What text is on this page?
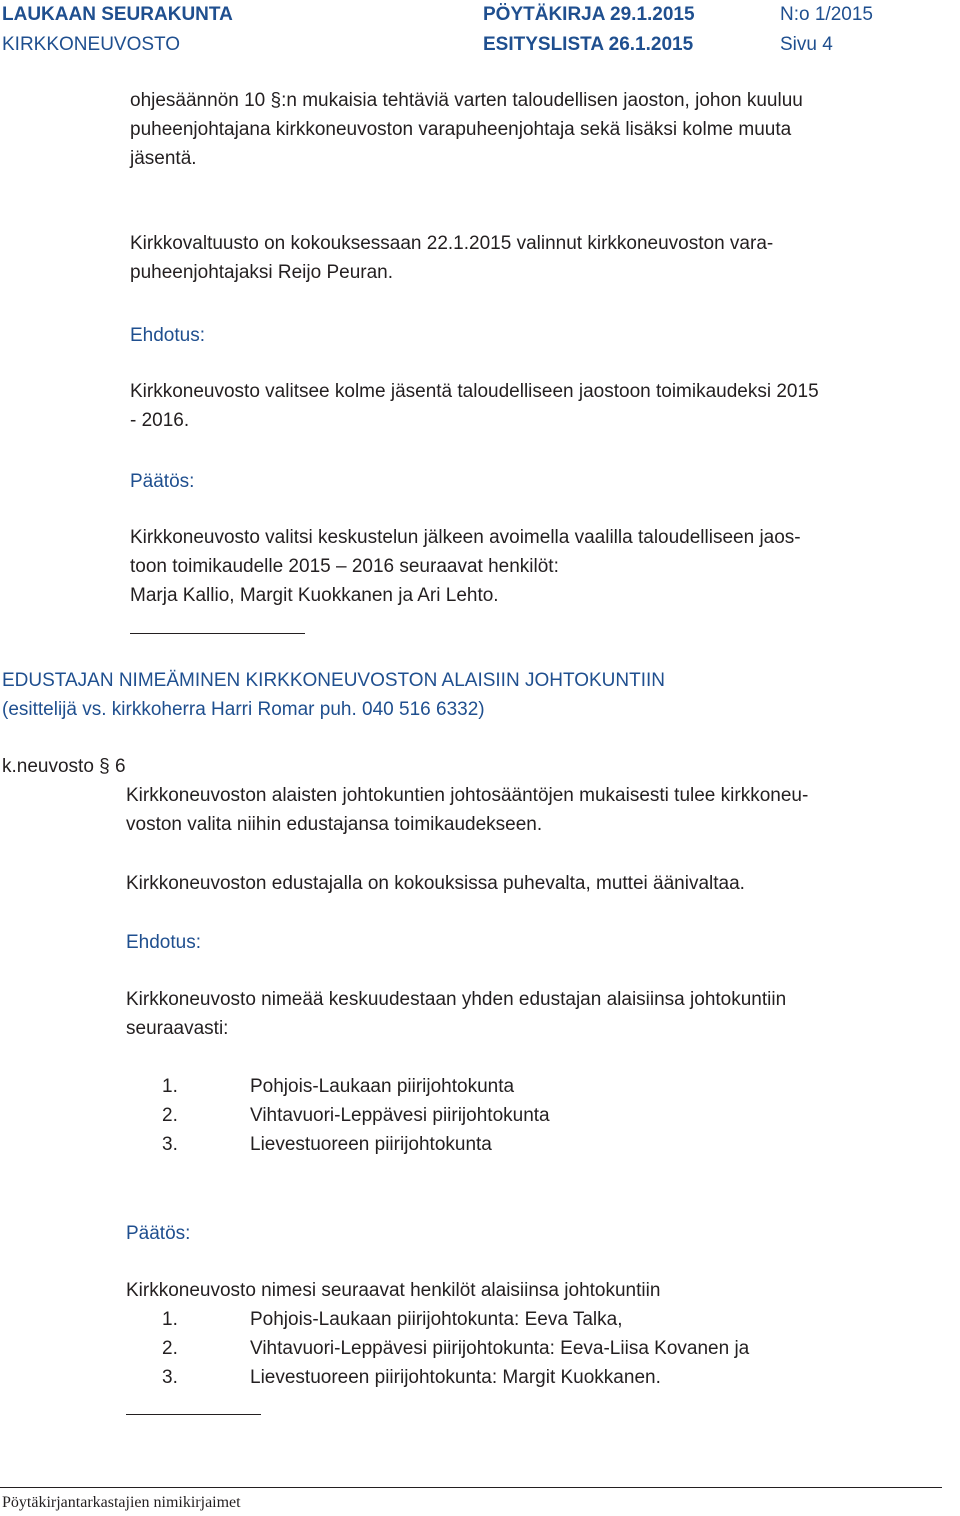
LAUKAAN SEURAKUNTA	PÖYTÄKIRJA 29.1.2015	N:o 1/2015
KIRKKONEUVOSTO	ESITYSLISTA 26.1.2015	Sivu 4
ohjesäännön 10 §:n mukaisia tehtäviä varten taloudellisen jaoston, johon kuuluu
puheenjohtajana kirkkoneuvoston varapuheenjohtaja sekä lisäksi kolme muuta
jäsentä.
Kirkkovaltuusto on kokouksessaan 22.1.2015 valinnut kirkkoneuvoston vara-
puheenjohtajaksi Reijo Peuran.
Ehdotus:
Kirkkoneuvosto valitsee kolme jäsentä taloudelliseen jaostoon toimikaudeksi 2015
- 2016.
Päätös:
Kirkkoneuvosto valitsi keskustelun jälkeen avoimella vaalilla taloudelliseen jaos-
toon toimikaudelle 2015 – 2016 seuraavat henkilöt:
Marja Kallio, Margit Kuokkanen ja Ari Lehto.
EDUSTAJAN NIMEÄMINEN KIRKKONEUVOSTON ALAISIIN JOHTOKUNTIIN
(esittelijä vs. kirkkoherra Harri Romar puh. 040 516 6332)
k.neuvosto § 6
Kirkkoneuvoston alaisten johtokuntien johtosääntöjen mukaisesti tulee kirkkoneu-
voston valita niihin edustajansa toimikaudekseen.
Kirkkoneuvoston edustajalla on kokouksissa puhevalta, muttei äänivaltaa.
Ehdotus:
Kirkkoneuvosto nimeää keskuudestaan yhden edustajan alaisiinsa johtokuntiin
seuraavasti:
1.	Pohjois-Laukaan piirijohtokunta
2.	Vihtavuori-Leppävesi piirijohtokunta
3.	Lievestuoreen piirijohtokunta
Päätös:
Kirkkoneuvosto nimesi seuraavat henkilöt alaisiinsa johtokuntiin
1.	Pohjois-Laukaan piirijohtokunta: Eeva Talka,
2.	Vihtavuori-Leppävesi piirijohtokunta: Eeva-Liisa Kovanen ja
3.	Lievestuoreen piirijohtokunta: Margit Kuokkanen.
Pöytäkirjantarkastajien nimikirjaimet
